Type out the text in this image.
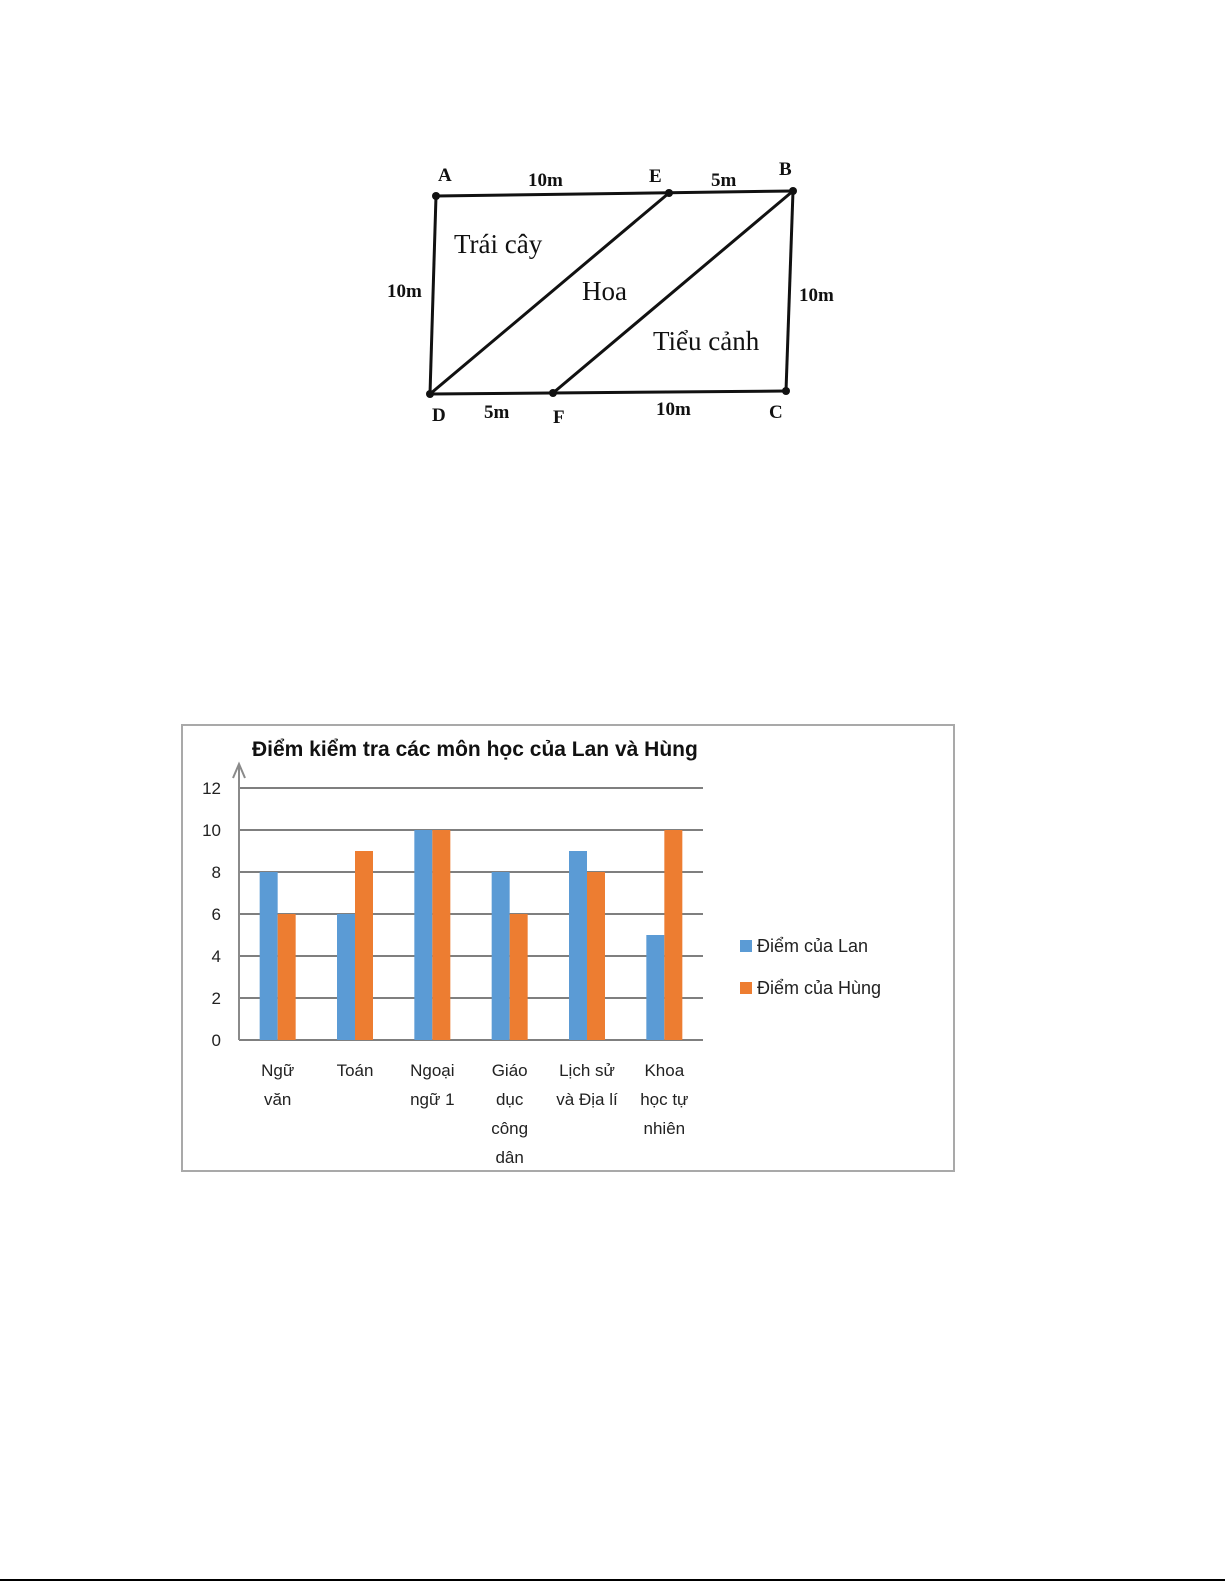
A	E	B
D	F	C
10m	5m
10m	10m
5m	10m
Trái cây
Hoa
Tiểu cảnh
Điểm kiểm tra các môn học của Lan và Hùng
0
2
4
6
8
10
12
Ngữ văn
Toán Ngoại ngữ 1
Giáo dục công dân
Lịch sử và Địa lí
Khoa học tự nhiên
Điểm của Lan
Điểm của Hùng
